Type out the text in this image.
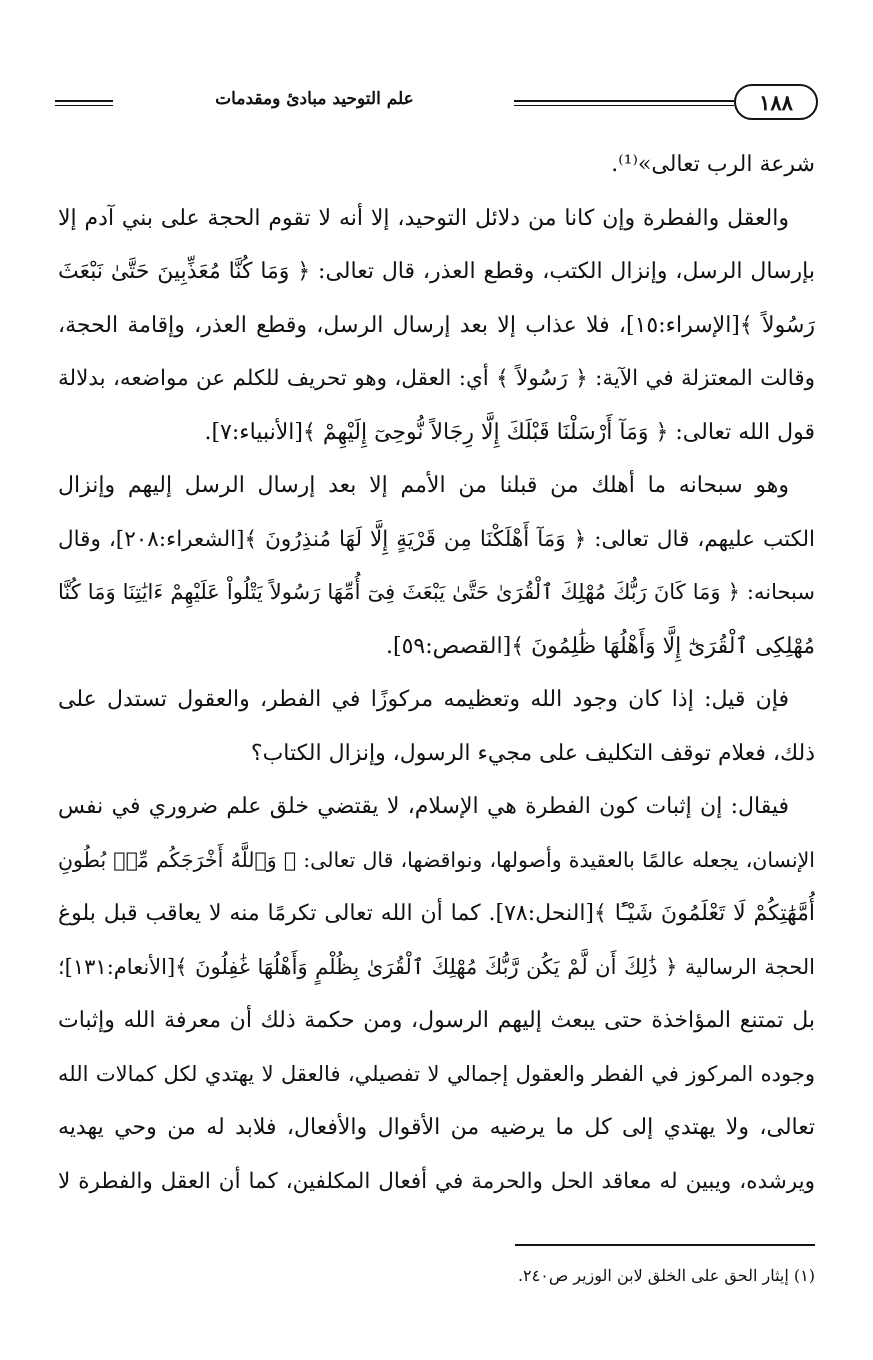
١٨٨
علم التوحيد مبادئ ومقدمات
شرعة الرب تعالى»⁽¹⁾.
والعقل والفطرة وإن كانا من دلائل التوحيد، إلا أنه لا تقوم الحجة على بني آدم إلا
بإرسال الرسل، وإنزال الكتب، وقطع العذر، قال تعالى: ﴿ وَمَا كُنَّا مُعَذِّبِينَ حَتَّىٰ نَبْعَثَ
رَسُولاً ﴾[الإسراء:١٥]، فلا عذاب إلا بعد إرسال الرسل، وقطع العذر، وإقامة الحجة،
وقالت المعتزلة في الآية: ﴿ رَسُولاً ﴾ أي: العقل، وهو تحريف للكلم عن مواضعه، بدلالة
قول الله تعالى: ﴿ وَمَآ أَرْسَلْنَا قَبْلَكَ إِلَّا رِجَالاً نُّوحِىٓ إِلَيْهِمْ ﴾[الأنبياء:٧].
وهو سبحانه ما أهلك من قبلنا من الأمم إلا بعد إرسال الرسل إليهم وإنزال
الكتب عليهم، قال تعالى: ﴿ وَمَآ أَهْلَكْنَا مِن قَرْيَةٍ إِلَّا لَهَا مُنذِرُونَ ﴾[الشعراء:٢٠٨]، وقال
سبحانه: ﴿ وَمَا كَانَ رَبُّكَ مُهْلِكَ ٱلْقُرَىٰ حَتَّىٰ يَبْعَثَ فِىٓ أُمِّهَا رَسُولاً يَتْلُواْ عَلَيْهِمْ ءَايَٰتِنَا وَمَا كُنَّا
مُهْلِكِى ٱلْقُرَىٰٓ إِلَّا وَأَهْلُهَا ظَٰلِمُونَ ﴾[القصص:٥٩].
فإن قيل: إذا كان وجود الله وتعظيمه مركوزًا في الفطر، والعقول تستدل على
ذلك، فعلام توقف التكليف على مجيء الرسول، وإنزال الكتاب؟
فيقال: إن إثبات كون الفطرة هي الإسلام، لا يقتضي خلق علم ضروري في نفس
الإنسان، يجعله عالمًا بالعقيدة وأصولها، ونواقضها، قال تعالى: ﴿ وَٱللَّهُ أَخْرَجَكُم مِّنۢ بُطُونِ
أُمَّهَٰتِكُمْ لَا تَعْلَمُونَ شَيْـًٔا ﴾[النحل:٧٨]. كما أن الله تعالى تكرمًا منه لا يعاقب قبل بلوغ
الحجة الرسالية ﴿ ذَٰلِكَ أَن لَّمْ يَكُن رَّبُّكَ مُهْلِكَ ٱلْقُرَىٰ بِظُلْمٍ وَأَهْلُهَا غَٰفِلُونَ ﴾[الأنعام:١٣١]؛
بل تمتنع المؤاخذة حتى يبعث إليهم الرسول، ومن حكمة ذلك أن معرفة الله وإثبات
وجوده المركوز في الفطر والعقول إجمالي لا تفصيلي، فالعقل لا يهتدي لكل كمالات الله
تعالى، ولا يهتدي إلى كل ما يرضيه من الأقوال والأفعال، فلابد له من وحي يهديه
ويرشده، ويبين له معاقد الحل والحرمة في أفعال المكلفين، كما أن العقل والفطرة لا
(١) إيثار الحق على الخلق لابن الوزير ص٢٤٠.
